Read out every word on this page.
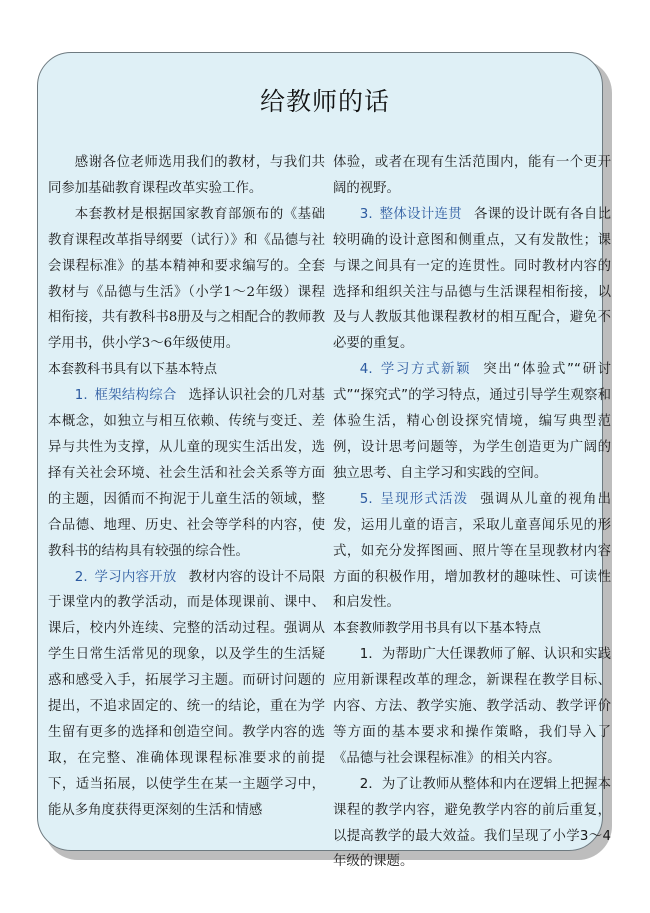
给教师的话

感谢各位老师选用我们的教材，与我们共同参加基础教育课程改革实验工作。

本套教材是根据国家教育部颁布的《基础教育课程改革指导纲要（试行）》和《品德与社会课程标准》的基本精神和要求编写的。全套教材与《品德与生活》（小学1～2年级）课程相衔接，共有教科书8册及与之相配合的教师教学用书，供小学3～6年级使用。

本套教科书具有以下基本特点

1. 框架结构综合 选择认识社会的几对基本概念，如独立与相互依赖、传统与变迁、差异与共性为支撑，从儿童的现实生活出发，选择有关社会环境、社会生活和社会关系等方面的主题，因循而不拘泥于儿童生活的领域，整合品德、地理、历史、社会等学科的内容，使教科书的结构具有较强的综合性。

2. 学习内容开放 教材内容的设计不局限于课堂内的教学活动，而是体现课前、课中、课后，校内外连续、完整的活动过程。强调从学生日常生活常见的现象，以及学生的生活疑惑和感受入手，拓展学习主题。而研讨问题的提出，不追求固定的、统一的结论，重在为学生留有更多的选择和创造空间。教学内容的选取，在完整、准确体现课程标准要求的前提下，适当拓展，以使学生在某一主题学习中，能从多角度获得更深刻的生活和情感

体验，或者在现有生活范围内，能有一个更开阔的视野。

3. 整体设计连贯 各课的设计既有各自比较明确的设计意图和侧重点，又有发散性；课与课之间具有一定的连贯性。同时教材内容的选择和组织关注与品德与生活课程相衔接，以及与人教版其他课程教材的相互配合，避免不必要的重复。

4. 学习方式新颖 突出“体验式”“研讨式”“探究式”的学习特点，通过引导学生观察和体验生活，精心创设探究情境，编写典型范例，设计思考问题等，为学生创造更为广阔的独立思考、自主学习和实践的空间。

5. 呈现形式活泼 强调从儿童的视角出发，运用儿童的语言，采取儿童喜闻乐见的形式，如充分发挥图画、照片等在呈现教材内容方面的积极作用，增加教材的趣味性、可读性和启发性。

本套教师教学用书具有以下基本特点

1．为帮助广大任课教师了解、认识和实践应用新课程改革的理念，新课程在教学目标、内容、方法、教学实施、教学活动、教学评价等方面的基本要求和操作策略，我们导入了《品德与社会课程标准》的相关内容。

2．为了让教师从整体和内在逻辑上把握本课程的教学内容，避免教学内容的前后重复，以提高教学的最大效益。我们呈现了小学3～4年级的课题。
